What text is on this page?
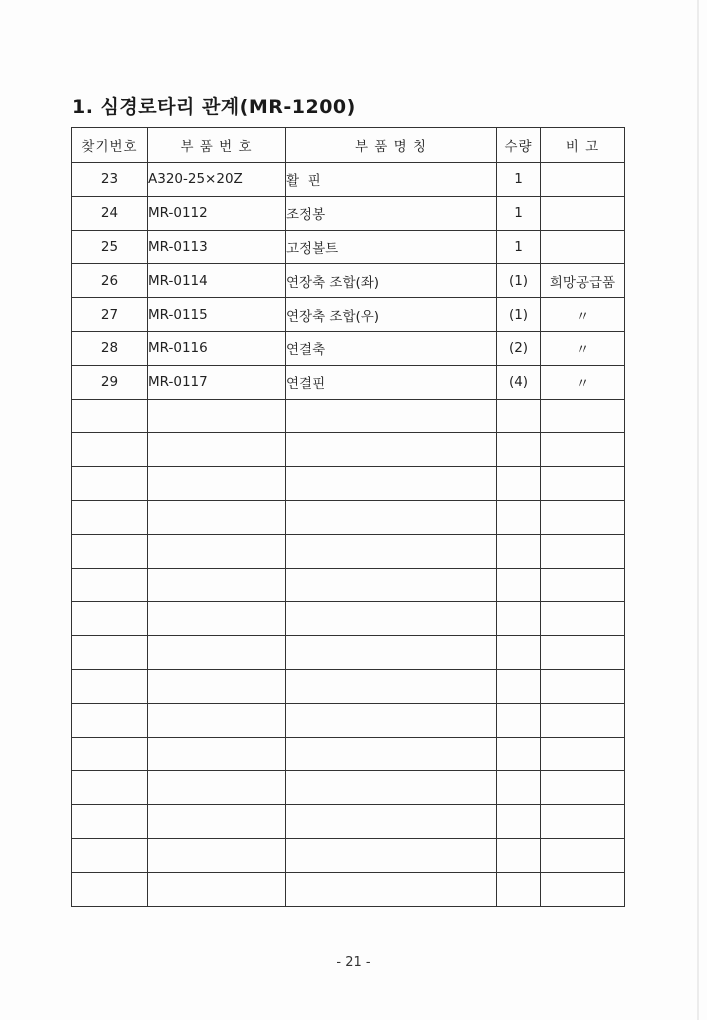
1. 심경로타리 관계(MR-1200)
찾기번호	부 품 번 호	부 품 명 칭	수량	비 고
23	A320-25×20Z	활  핀	1	
24	MR-0112	조정봉	1	
25	MR-0113	고정볼트	1	
26	MR-0114	연장축 조합(좌)	(1)	희망공급품
27	MR-0115	연장축 조합(우)	(1)	〃
28	MR-0116	연결축	(2)	〃
29	MR-0117	연결핀	(4)	〃

- 21 -
